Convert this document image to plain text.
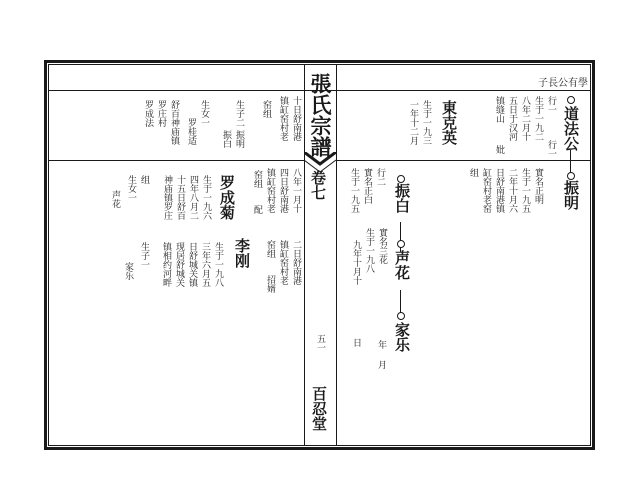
張氏宗譜
卷七
五一
百忍堂
子長公有學
道法公
行一
生于一九二
八年二月十
五日于汉河
镇缝山
妣
振明
行一
實名正明
生于一九五
二年十月六
日舒南港镇
缸窑村老窑
组
東克英
生于一九三
一年十二月
行二
實名正白
生于一九五 振白
声花
實名兰花
生于一九八
九年十月十
日 家乐
年
月
十日舒南港
镇缸窑村老
窑组
生子二
振明
振白
生女一
罗桂适
舒百神庙镇
罗庄村
罗成法
八年一月十
二日舒南港
四日舒南港
镇缸窑村老
镇缸窑村老
窑组
招婿
窑组
配
罗成菊
生于一九六
四年八月二
十五日舒百
神庙镇罗庄
李刚
生于一九八
三年六月五
日舒城关镇
现居舒城关
镇相约河畔
组
生女一
声花
生子一
家乐
